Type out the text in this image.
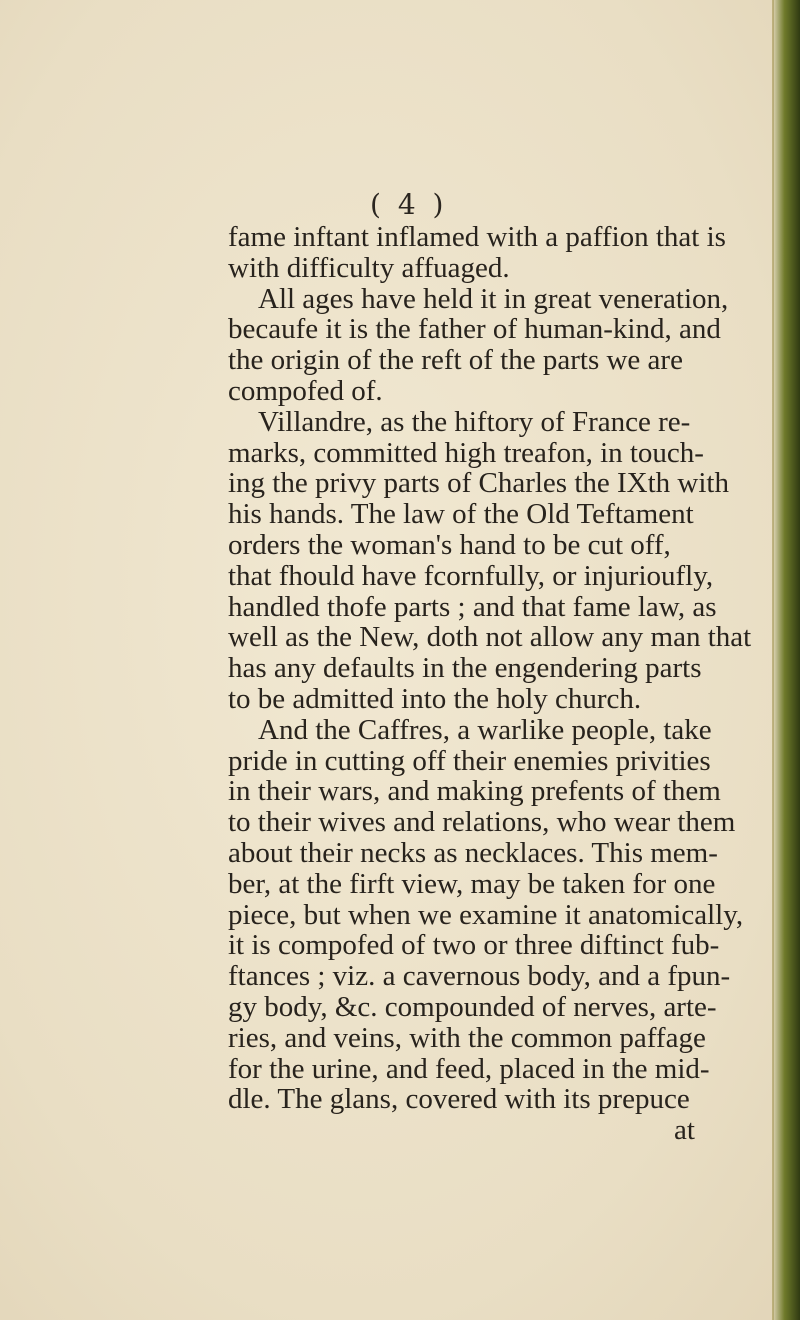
( 4 )
fame inftant inflamed with a paffion that is
with difficulty affuaged.
All ages have held it in great veneration,
becaufe it is the father of human-kind, and
the origin of the reft of the parts we are
compofed of.
Villandre, as the hiftory of France re-
marks, committed high treafon, in touch-
ing the privy parts of Charles the IXth with
his hands. The law of the Old Teftament
orders the woman's hand to be cut off,
that fhould have fcornfully, or injurioufly,
handled thofe parts ; and that fame law, as
well as the New, doth not allow any man that
has any defaults in the engendering parts
to be admitted into the holy church.
And the Caffres, a warlike people, take
pride in cutting off their enemies privities
in their wars, and making prefents of them
to their wives and relations, who wear them
about their necks as necklaces. This mem-
ber, at the firft view, may be taken for one
piece, but when we examine it anatomically,
it is compofed of two or three diftinct fub-
ftances ; viz. a cavernous body, and a fpun-
gy body, &c. compounded of nerves, arte-
ries, and veins, with the common paffage
for the urine, and feed, placed in the mid-
dle. The glans, covered with its prepuce
at
